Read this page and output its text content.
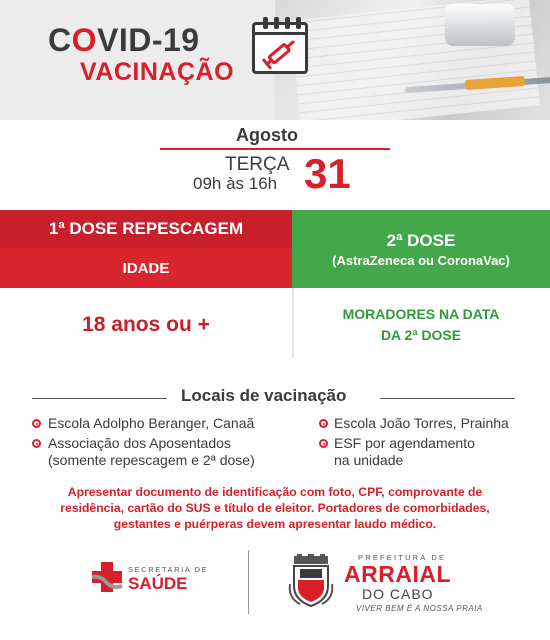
COVID-19
VACINAÇÃO
Agosto
TERÇA
09h às 16h 31
1ª DOSE REPESCAGEM
IDADE
2ª DOSE
(AstraZeneca ou CoronaVac)
18 anos ou +	MORADORES NA DATA
DA 2ª DOSE
Locais de vacinação
Escola Adolpho Beranger, Canaã
Associação dos Aposentados
(somente repescagem e 2ª dose)
Escola João Torres, Prainha
ESF por agendamento
na unidade
Apresentar documento de identificação com foto, CPF, comprovante de
residência, cartão do SUS e título de eleitor. Portadores de comorbidades,
gestantes e puérperas devem apresentar laudo médico.
SECRETARIA DE
SAÚDE
PREFEITURA DE
ARRAIAL
DO CABO
VIVER BEM É A NOSSA PRAIA
